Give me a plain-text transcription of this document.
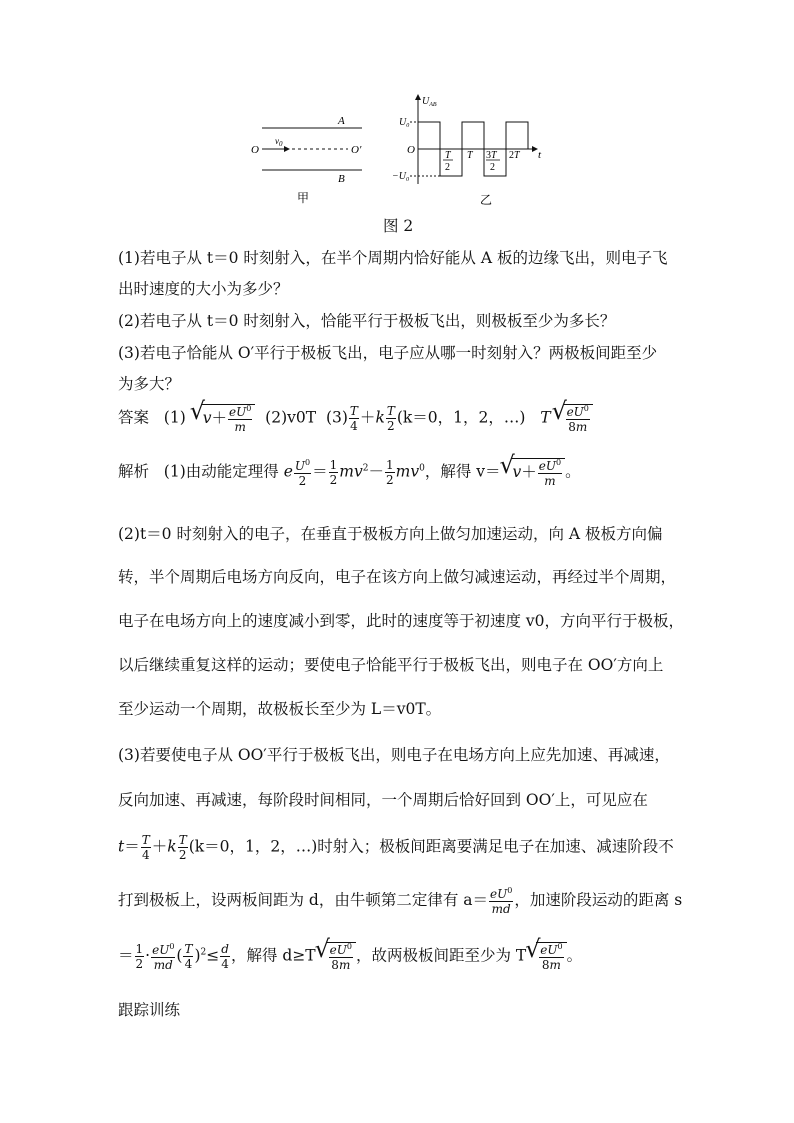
A
B
O	O′
$v_0$
甲
$U_{AB}$
$U_0$
$-U_0$
O	t
T
2
T 3T
2
2T
乙
图 2
(1)若电子从 t＝0 时刻射入，在半个周期内恰好能从 A 板的边缘飞出，则电子飞
出时速度的大小为多少？
(2)若电子从 t＝0 时刻射入，恰能平行于极板飞出，则极板至少为多长？
(3)若电子恰能从 O′平行于极板飞出，电子应从哪一时刻射入？两极板间距至少
为多大？
答案 (1) √ $v+ \frac{eU^0}{m} (2)v0T$ $(3) \frac{T}{4} +k \frac{T}{2} (k=0$，1，2，…) T √ $\frac{eU^0}{8m}$
解析 (1)由动能定理得 e $\frac{U^0}{2} = \frac{1}{2} mv^2- \frac{1}{2} mv^0$，解得 v＝ √ $v+ \frac{eU^0}{m}$ 。
(2)t＝0 时刻射入的电子，在垂直于极板方向上做匀加速运动，向 A 极板方向偏
转，半个周期后电场方向反向，电子在该方向上做匀减速运动，再经过半个周期，
电子在电场方向上的速度减小到零，此时的速度等于初速度 v0，方向平行于极板，
以后继续重复这样的运动；要使电子恰能平行于极板飞出，则电子在 OO′方向上
至少运动一个周期，故极板长至少为 L＝v0T。
(3)若要使电子从 OO′平行于极板飞出，则电子在电场方向上应先加速、再减速，
反向加速、再减速，每阶段时间相同，一个周期后恰好回到 OO′上，可见应在
$t= \frac{T}{4} +k \frac{T}{2} (k=0$，1，2，…)时射入；极板间距离要满足电子在加速、减速阶段不
打到极板上，设两板间距为 d，由牛顿第二定律有 $a= \frac{eU^0}{md}$ ，加速阶段运动的距离 s
＝ $\frac{1}{2} \cdot \frac{eU^0}{md}$ ( $\frac{T}{4} )^2\le \frac{d}{4}$ ，解得 d≥T √ $\frac{eU^0}{8m}$ ，故两极板间距至少为 T √ $\frac{eU^0}{8m}$ 。
跟踪训练
